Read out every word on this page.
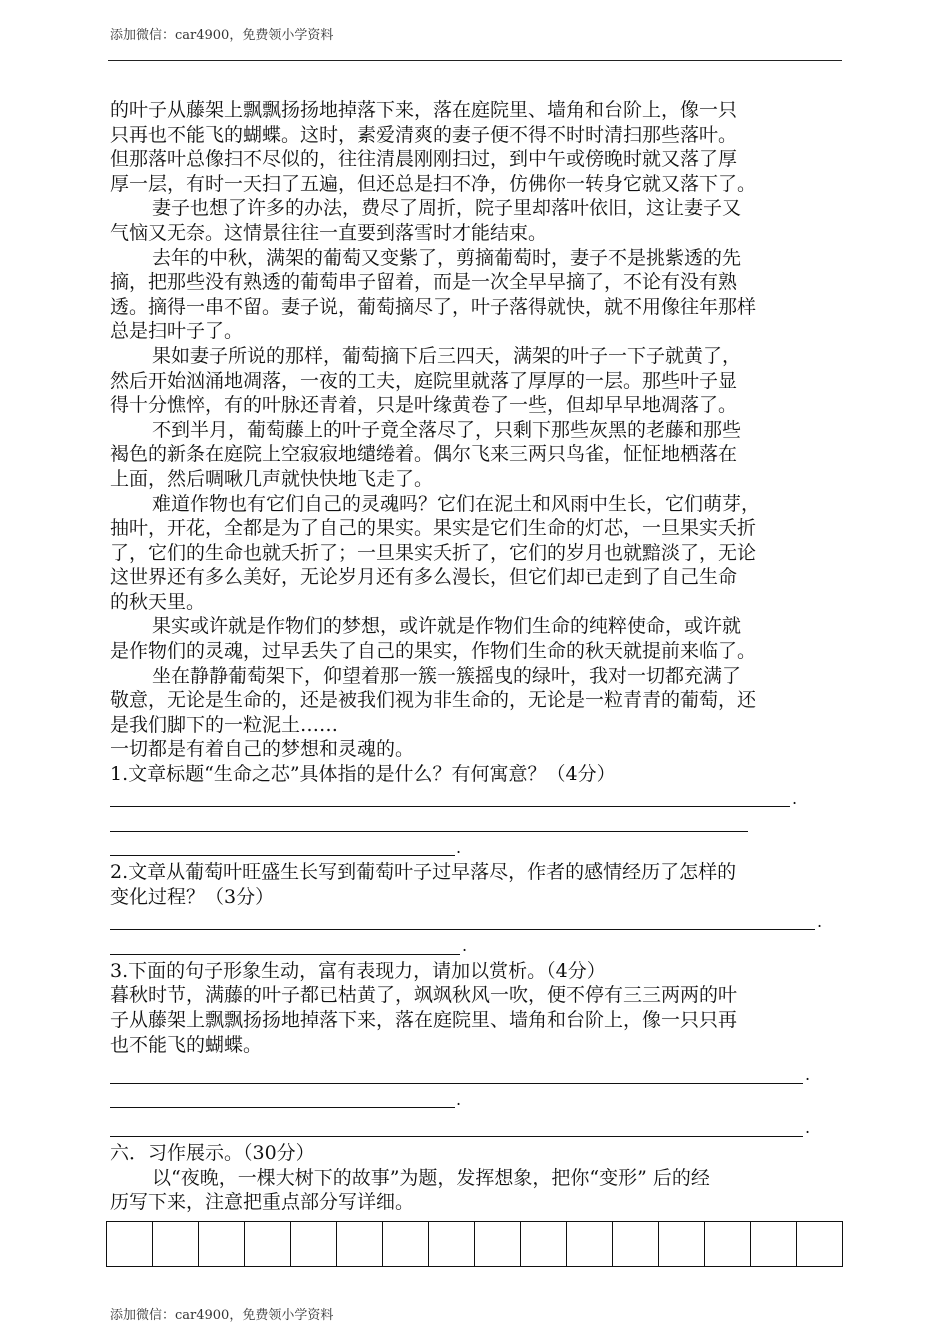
添加微信：car4900，免费领小学资料
的叶子从藤架上飘飘扬扬地掉落下来，落在庭院里、墙角和台阶上，像一只
只再也不能飞的蝴蝶。这时，素爱清爽的妻子便不得不时时清扫那些落叶。
但那落叶总像扫不尽似的，往往清晨刚刚扫过，到中午或傍晚时就又落了厚
厚一层，有时一天扫了五遍，但还总是扫不净，仿佛你一转身它就又落下了。
妻子也想了许多的办法，费尽了周折，院子里却落叶依旧，这让妻子又
气恼又无奈。这情景往往一直要到落雪时才能结束。
去年的中秋，满架的葡萄又变紫了，剪摘葡萄时，妻子不是挑紫透的先
摘，把那些没有熟透的葡萄串子留着，而是一次全早早摘了，不论有没有熟
透。摘得一串不留。妻子说，葡萄摘尽了，叶子落得就快，就不用像往年那样
总是扫叶子了。
果如妻子所说的那样，葡萄摘下后三四天，满架的叶子一下子就黄了，
然后开始汹涌地凋落，一夜的工夫，庭院里就落了厚厚的一层。那些叶子显
得十分憔悴，有的叶脉还青着，只是叶缘黄卷了一些，但却早早地凋落了。
不到半月，葡萄藤上的叶子竟全落尽了，只剩下那些灰黑的老藤和那些
褐色的新条在庭院上空寂寂地缱绻着。偶尔飞来三两只鸟雀，怔怔地栖落在
上面，然后啁啾几声就快快地飞走了。
难道作物也有它们自己的灵魂吗？它们在泥土和风雨中生长，它们萌芽，
抽叶，开花，全都是为了自己的果实。果实是它们生命的灯芯，一旦果实夭折
了，它们的生命也就夭折了；一旦果实夭折了，它们的岁月也就黯淡了，无论
这世界还有多么美好，无论岁月还有多么漫长，但它们却已走到了自己生命
的秋天里。
果实或许就是作物们的梦想，或许就是作物们生命的纯粹使命，或许就
是作物们的灵魂，过早丢失了自己的果实，作物们生命的秋天就提前来临了。
坐在静静葡萄架下，仰望着那一簇一簇摇曳的绿叶，我对一切都充满了
敬意，无论是生命的，还是被我们视为非生命的，无论是一粒青青的葡萄，还
是我们脚下的一粒泥土……
一切都是有着自己的梦想和灵魂的。
1.文章标题“生命之芯”具体指的是什么？有何寓意？（4分）
.
.
2.文章从葡萄叶旺盛生长写到葡萄叶子过早落尽，作者的感情经历了怎样的
变化过程？（3分）
.
.
3.下面的句子形象生动，富有表现力，请加以赏析。（4分）
暮秋时节，满藤的叶子都已枯黄了，飒飒秋风一吹，便不停有三三两两的叶
子从藤架上飘飘扬扬地掉落下来，落在庭院里、墙角和台阶上，像一只只再
也不能飞的蝴蝶。
.
.
.
六．习作展示。（30分）
以“夜晚，一棵大树下的故事”为题，发挥想象，把你“变形” 后的经
历写下来，注意把重点部分写详细。
添加微信：car4900，免费领小学资料
